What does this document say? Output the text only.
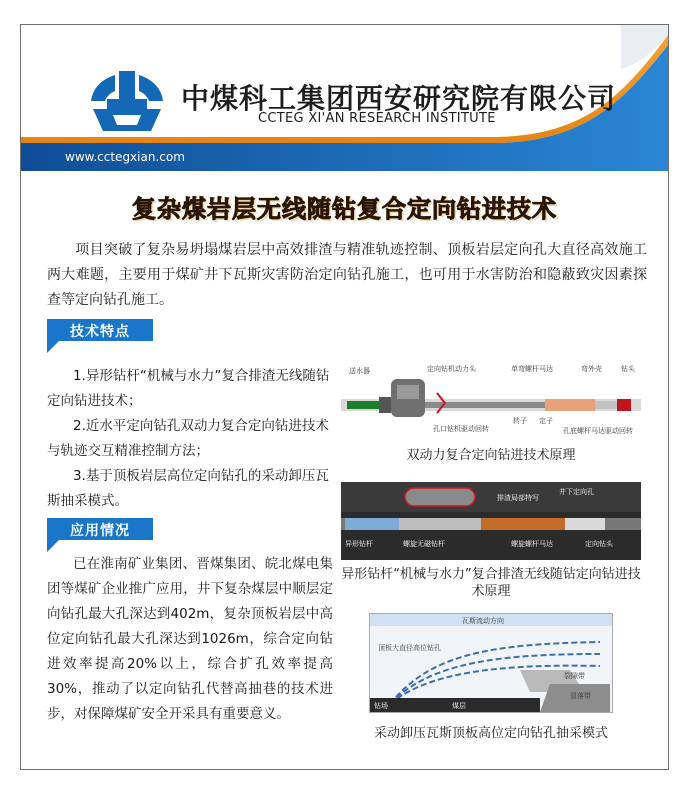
中煤科工集团西安研究院有限公司
CCTEG XI'AN RESEARCH INSTITUTE
www.cctegxian.com
复杂煤岩层无线随钻复合定向钻进技术
项目突破了复杂易坍塌煤岩层中高效排渣与精准轨迹控制、顶板岩层定向孔大直径高效施工两大难题，主要用于煤矿井下瓦斯灾害防治定向钻孔施工，也可用于水害防治和隐蔽致灾因素探查等定向钻孔施工。
技术特点

1.异形钻杆“机械与水力”复合排渣无线随钻定向钻进技术；

2.近水平定向钻孔双动力复合定向钻进技术与轨迹交互精准控制方法；

3.基于顶板岩层高位定向钻孔的采动卸压瓦斯抽采模式。

应用情况
已在淮南矿业集团、晋煤集团、皖北煤电集团等煤矿企业推广应用，井下复杂煤层中顺层定向钻孔最大孔深达到402m，复杂顶板岩层中高位定向钻孔最大孔深达到1026m，综合定向钻进效率提高20%以上，综合扩孔效率提高30%，推动了以定向钻孔代替高抽巷的技术进步，对保障煤矿安全开采具有重要意义。
送水器	定向钻机动力头	单弯螺杆马达	弯外壳	钻头
孔口钻机驱动回转
转子 定子
孔底螺杆马达驱动回转
双动力复合定向钻进技术原理
排渣局部特写
井下定向孔
异形钻杆	螺旋无磁钻杆	螺旋螺杆马达	定向钻头
异形钻杆“机械与水力”复合排渣无线随钻定向钻进技术原理
瓦斯流动方向
顶板大直径高位钻孔
裂隙带
冒落带
钻场	煤层
采动卸压瓦斯顶板高位定向钻孔抽采模式
